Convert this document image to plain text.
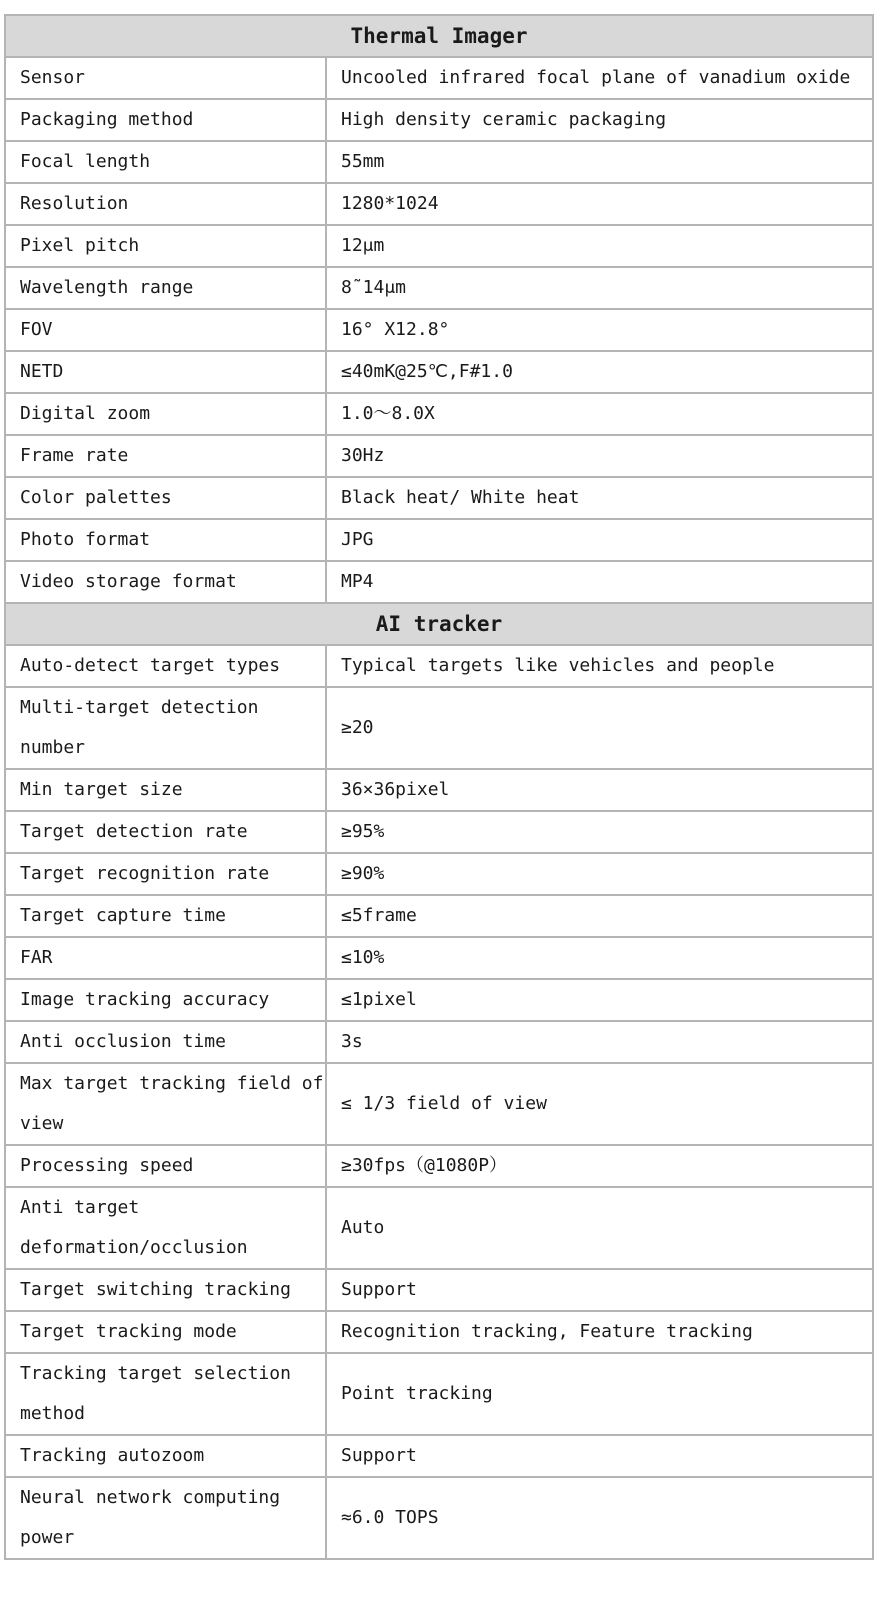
Thermal Imager	
Sensor	Uncooled infrared focal plane of vanadium oxide
Packaging method	High density ceramic packaging
Focal length	55mm
Resolution	1280*1024
Pixel pitch	12μm
Wavelength range	8˜14μm
FOV	16° X12.8°
NETD	≤40mK@25℃,F#1.0
Digital zoom	1.0～8.0X
Frame rate	30Hz
Color palettes	Black heat/ White heat
Photo format	JPG
Video storage format	MP4
AI tracker	
Auto-detect target types	Typical targets like vehicles and people
Multi-target detection number	≥20
Min target size	36×36pixel
Target detection rate	≥95%
Target recognition rate	≥90%
Target capture time	≤5frame
FAR	≤10%
Image tracking accuracy	≤1pixel
Anti occlusion time	3s
Max target tracking field of view	≤ 1/3 field of view
Processing speed	≥30fps（@1080P）
Anti target deformation/occlusion	Auto
Target switching tracking	Support
Target tracking mode	Recognition tracking, Feature tracking
Tracking target selection method	Point tracking
Tracking autozoom	Support
Neural network computing power	≈6.0 TOPS
